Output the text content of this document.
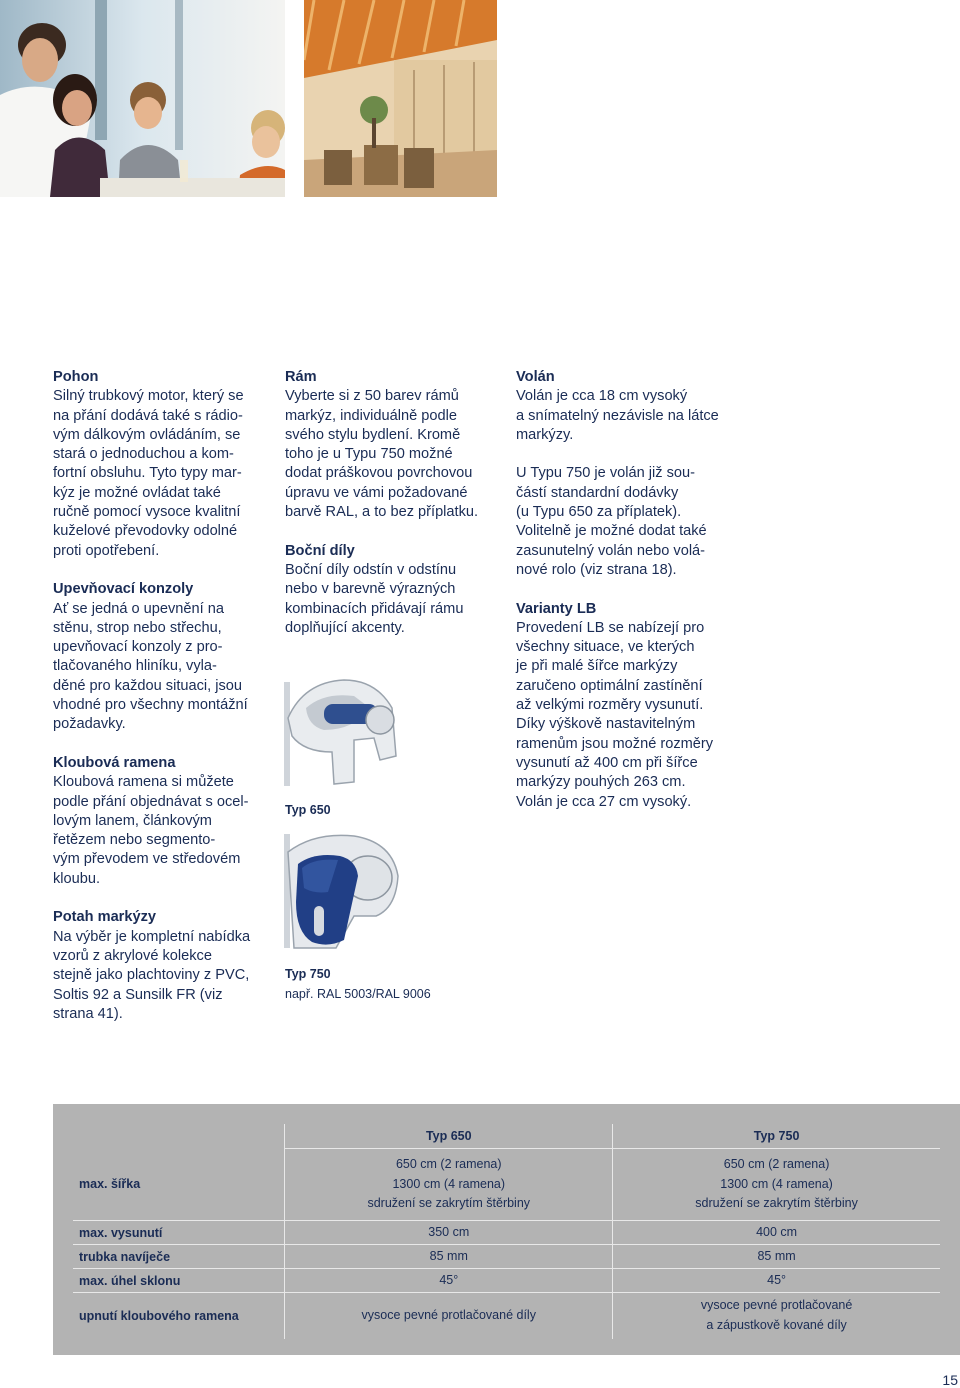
Pohon
Silný trubkový motor, který se
na přání dodává také s rádio-
vým dálkovým ovládáním, se
stará o jednoduchou a kom-
fortní obsluhu. Tyto typy mar-
kýz je možné ovládat také
ručně pomocí vysoce kvalitní
kuželové převodovky odolné
proti opotřebení.
Upevňovací konzoly
Ať se jedná o upevnění na
stěnu, strop nebo střechu,
upevňovací konzoly z pro-
tlačovaného hliníku, vyla-
děné pro každou situaci, jsou
vhodné pro všechny montážní
požadavky.
Kloubová ramena
Kloubová ramena si můžete
podle přání objednávat s ocel-
lovým lanem, článkovým
řetězem nebo segmento-
vým převodem ve středovém
kloubu.
Potah markýzy
Na výběr je kompletní nabídka
vzorů z akrylové kolekce
stejně jako plachtoviny z PVC,
Soltis 92 a Sunsilk FR (viz
strana 41).
Rám
Vyberte si z 50 barev rámů
markýz, individuálně podle
svého stylu bydlení. Kromě
toho je u Typu 750 možné
dodat práškovou povrchovou
úpravu ve vámi požadované
barvě RAL, a to bez příplatku.
Boční díly
Boční díly odstín v odstínu
nebo v barevně výrazných
kombinacích přidávají rámu
doplňující akcenty.
Typ 650
Typ 750
např. RAL 5003/RAL 9006
Volán
Volán je cca 18 cm vysoký
a snímatelný nezávisle na látce
markýzy.
U Typu 750 je volán již sou-
částí standardní dodávky
(u Typu 650 za příplatek).
Volitelně je možné dodat také
zasunutelný volán nebo volá-
nové rolo (viz strana 18).
Varianty LB
Provedení LB se nabízejí pro
všechny situace, ve kterých
je při malé šířce markýzy
zaručeno optimální zastínění
až velkými rozměry vysunutí.
Díky výškově nastavitelným
ramenům jsou možné rozměry
vysunutí až 400 cm při šířce
markýzy pouhých 263 cm.
Volán je cca 27 cm vysoký.
	Typ 650	Typ 750
max. šířka	650 cm (2 ramena)
1300 cm (4 ramena)
sdružení se zakrytím štěrbiny	650 cm (2 ramena)
1300 cm (4 ramena)
sdružení se zakrytím štěrbiny
max. vysunutí	350 cm	400 cm
trubka navíječe	85 mm	85 mm
max. úhel sklonu	45°	45°
upnutí kloubového ramena	vysoce pevné protlačované díly	vysoce pevné protlačované
a zápustkově kované díly
15
